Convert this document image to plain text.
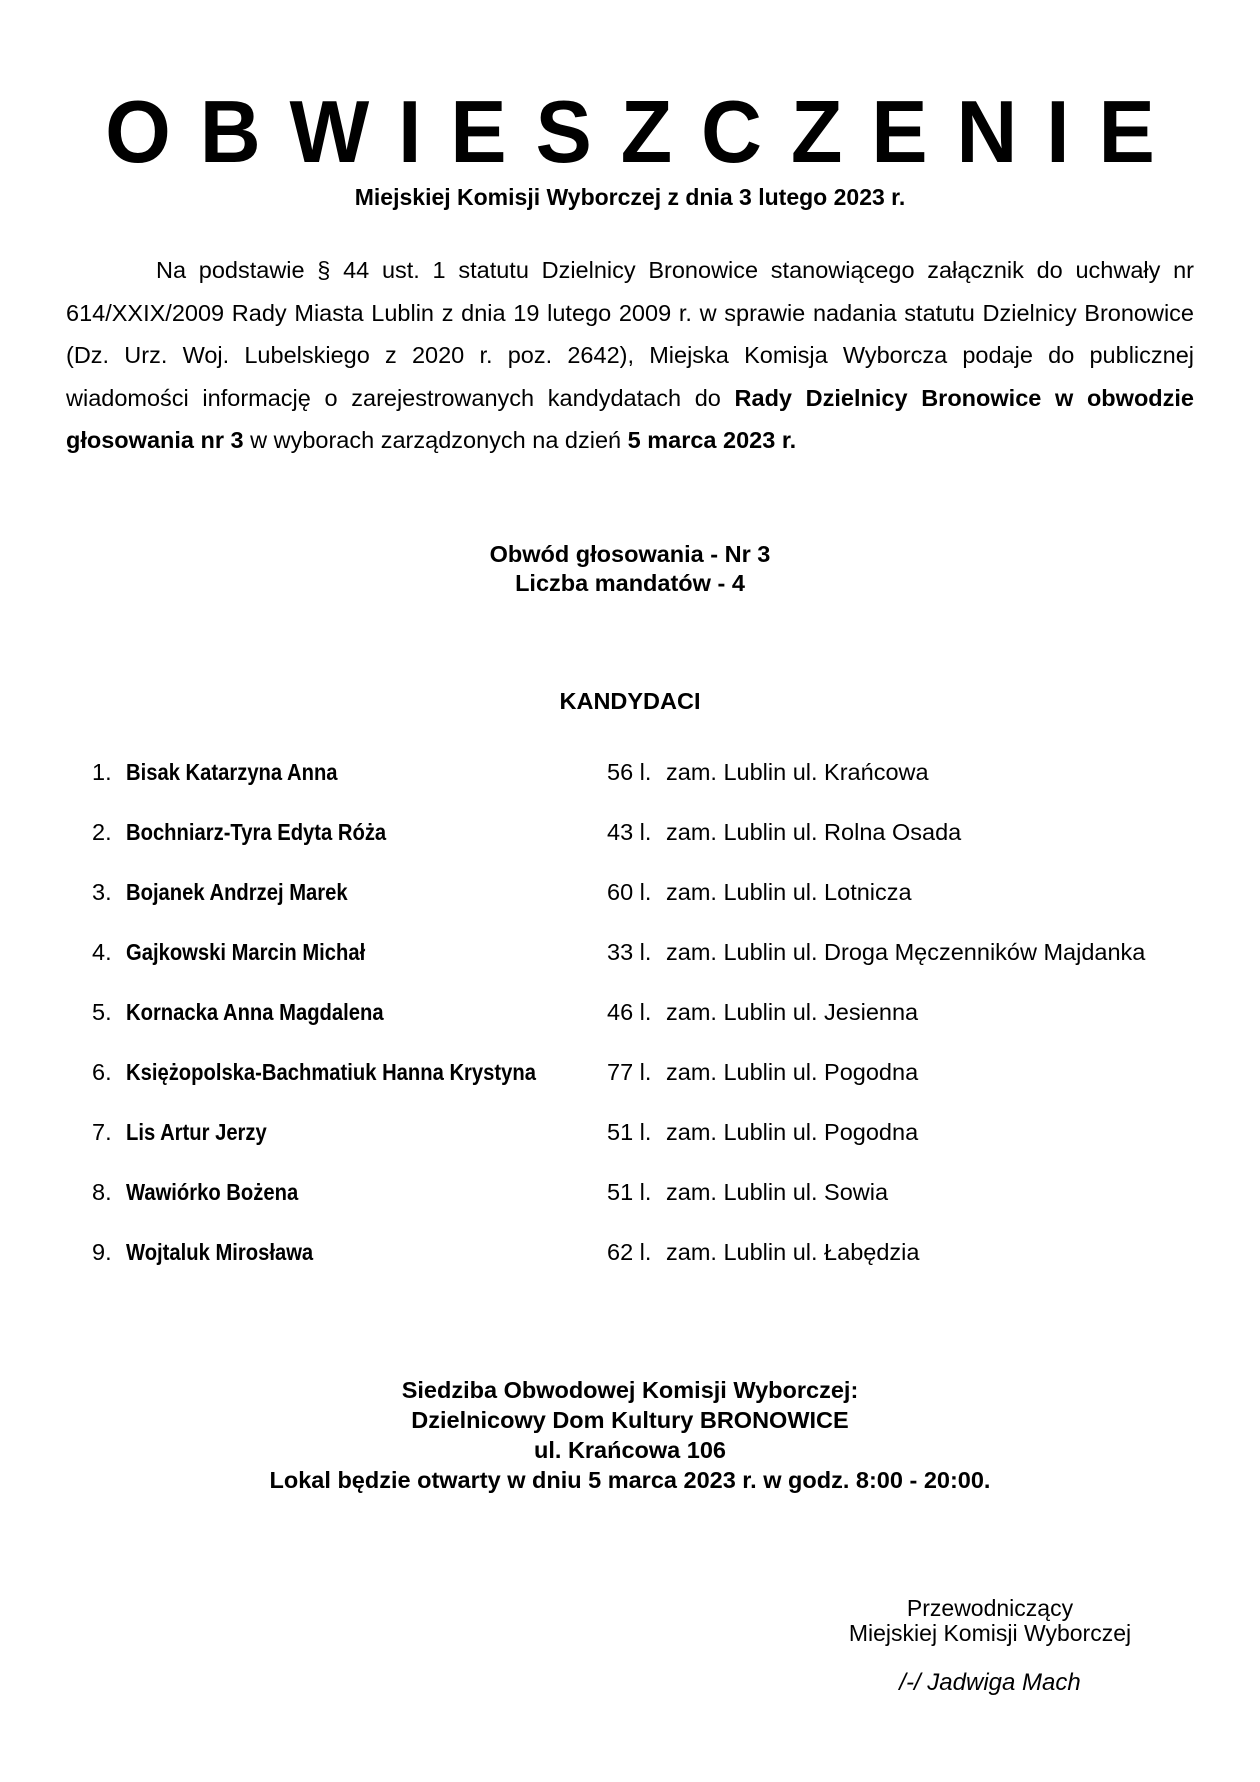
OBWIESZCZENIE
Miejskiej Komisji Wyborczej z dnia 3 lutego 2023 r.
Na podstawie § 44 ust. 1 statutu Dzielnicy Bronowice stanowiącego załącznik do uchwały nr 614/XXIX/2009 Rady Miasta Lublin z dnia 19 lutego 2009 r. w sprawie nadania statutu Dzielnicy Bronowice (Dz. Urz. Woj. Lubelskiego z 2020 r. poz. 2642), Miejska Komisja Wyborcza podaje do publicznej wiadomości informację o zarejestrowanych kandydatach do Rady Dzielnicy Bronowice w obwodzie głosowania nr 3 w wyborach zarządzonych na dzień 5 marca 2023 r.
Obwód głosowania - Nr 3
Liczba mandatów - 4
KANDYDACI
1. Bisak Katarzyna Anna	56 l. zam. Lublin ul. Krańcowa
2. Bochniarz-Tyra Edyta Róża	43 l. zam. Lublin ul. Rolna Osada
3. Bojanek Andrzej Marek	60 l. zam. Lublin ul. Lotnicza
4. Gajkowski Marcin Michał	33 l. zam. Lublin ul. Droga Męczenników Majdanka
5. Kornacka Anna Magdalena	46 l. zam. Lublin ul. Jesienna
6. Księżopolska-Bachmatiuk Hanna Krystyna	77 l. zam. Lublin ul. Pogodna
7. Lis Artur Jerzy	51 l. zam. Lublin ul. Pogodna
8. Wawiórko Bożena	51 l. zam. Lublin ul. Sowia
9. Wojtaluk Mirosława	62 l. zam. Lublin ul. Łabędzia
Siedziba Obwodowej Komisji Wyborczej:
Dzielnicowy Dom Kultury BRONOWICE
ul. Krańcowa 106
Lokal będzie otwarty w dniu 5 marca 2023 r. w godz. 8:00 - 20:00.
Przewodniczący
Miejskiej Komisji Wyborczej
/-/ Jadwiga Mach
